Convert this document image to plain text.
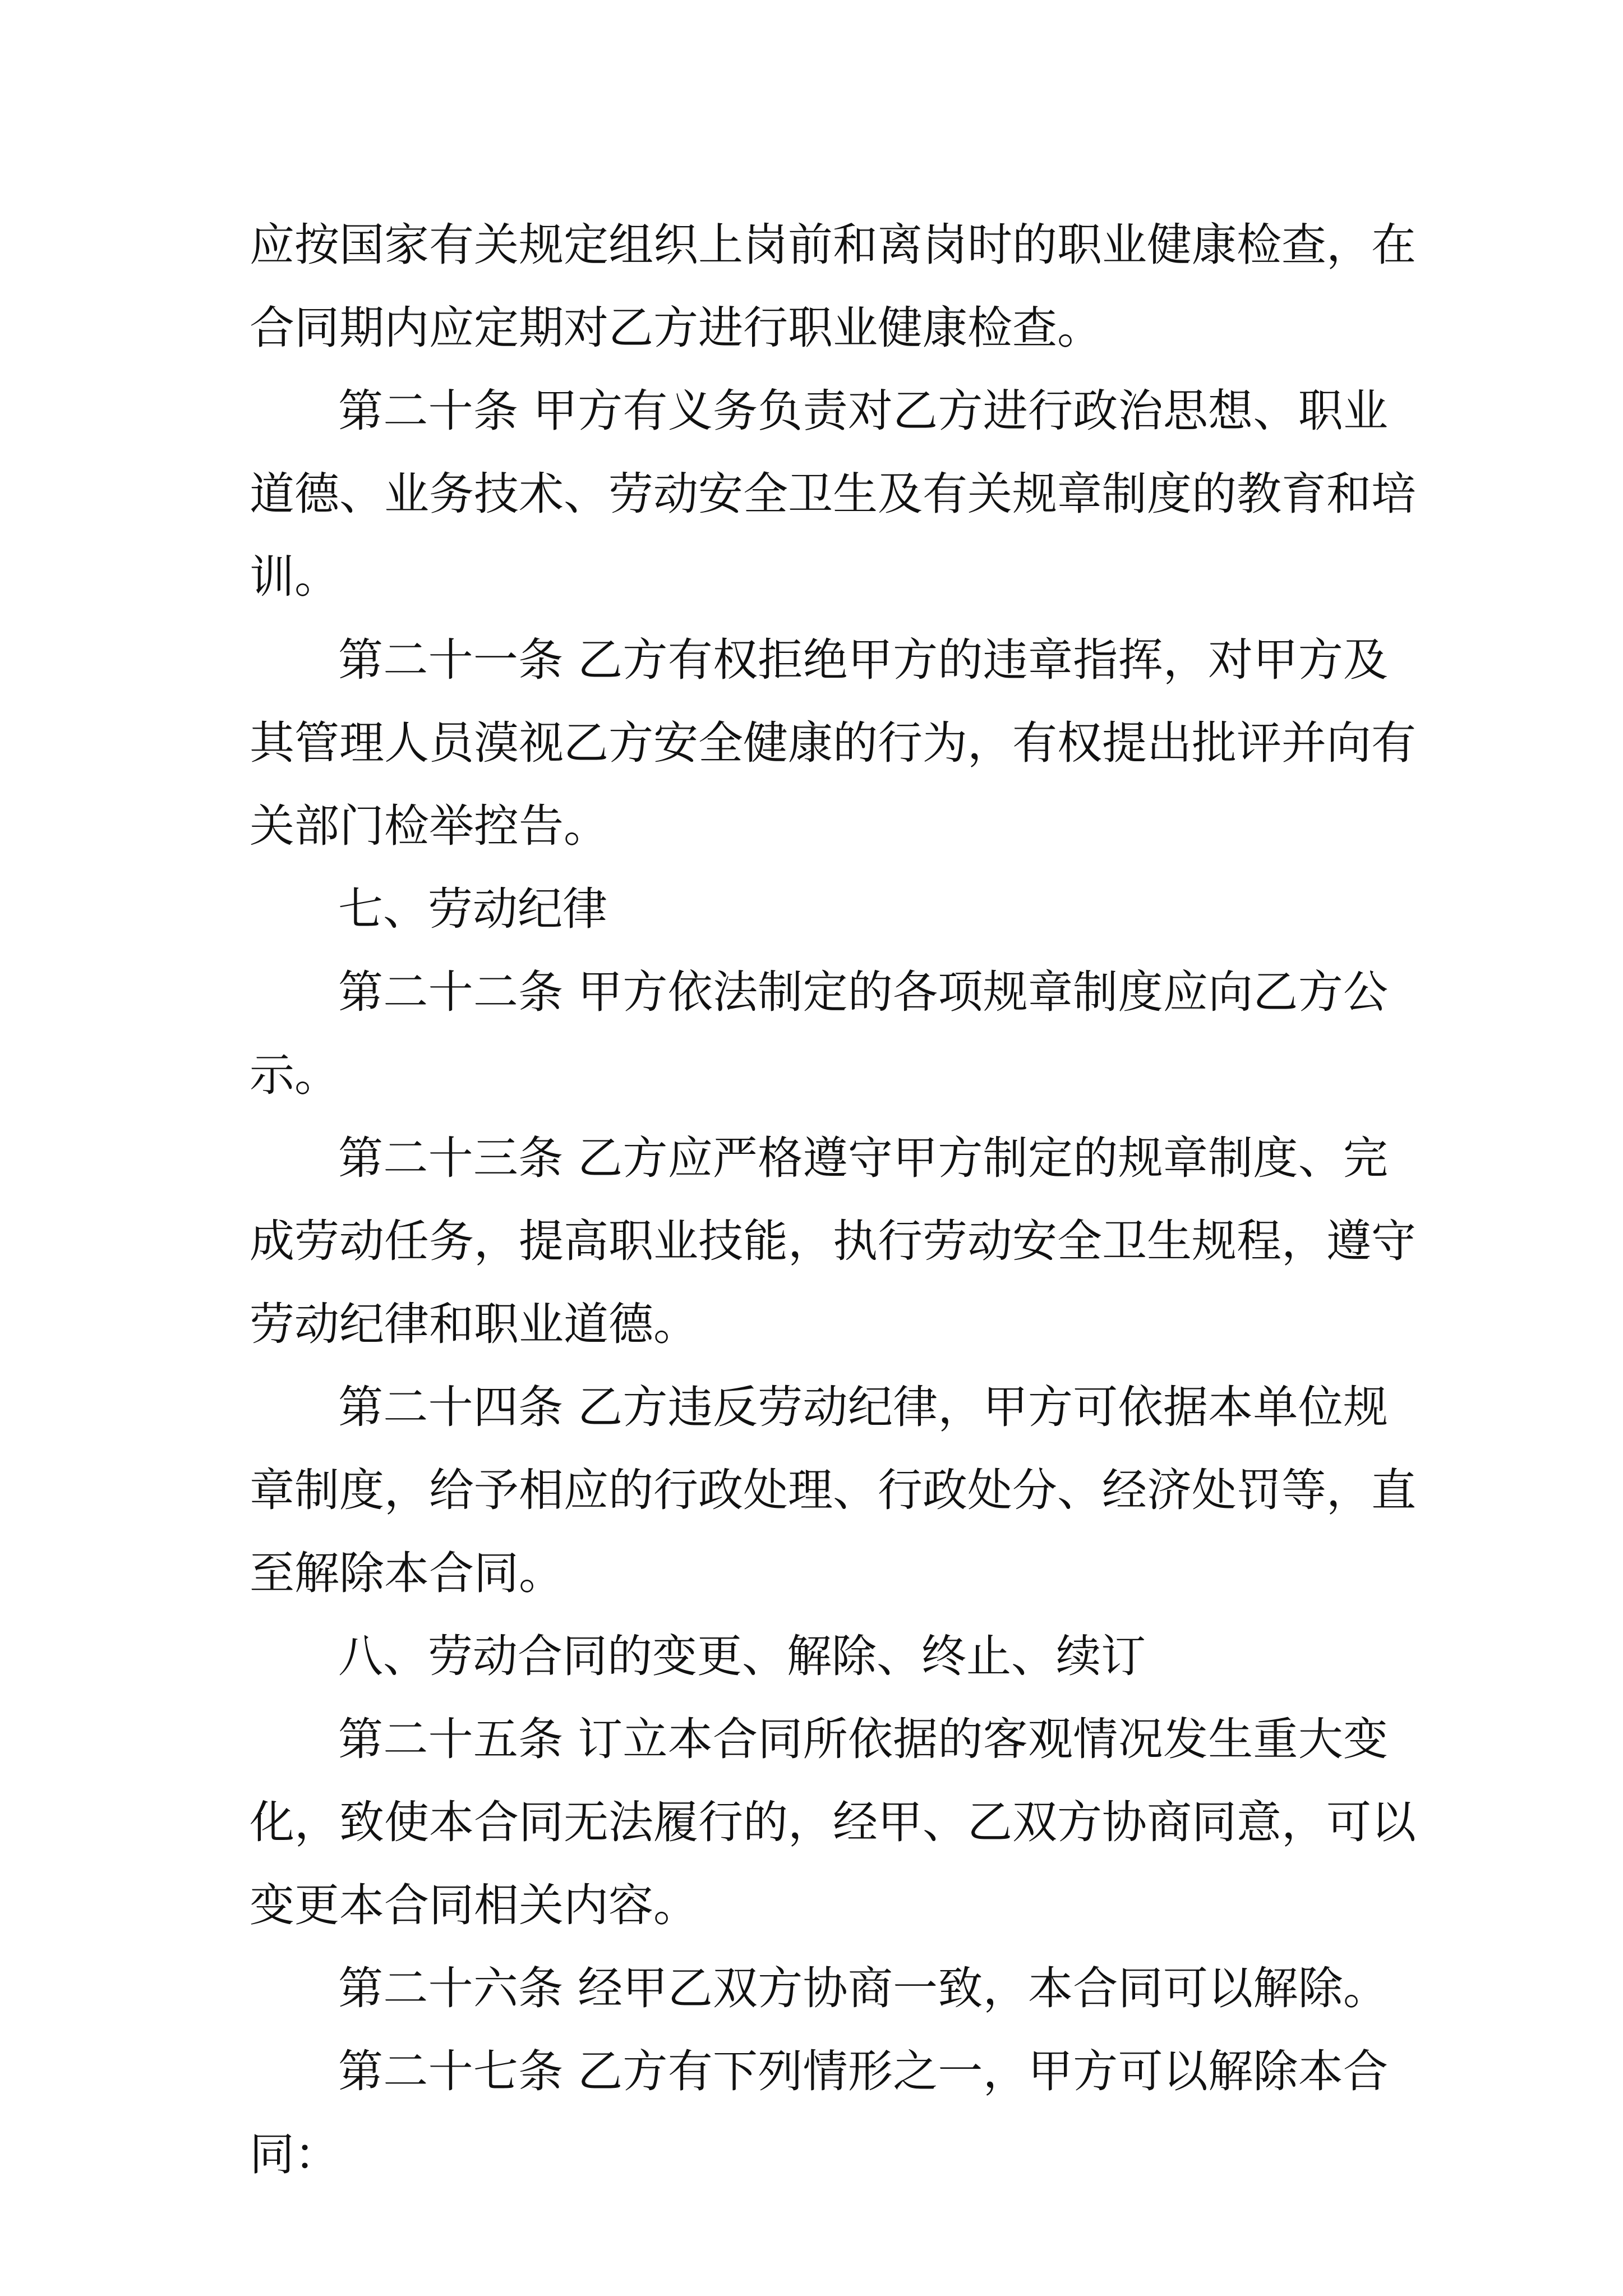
应按国家有关规定组织上岗前和离岗时的职业健康检查，在
合同期内应定期对乙方进行职业健康检查。
第二十条 甲方有义务负责对乙方进行政治思想、职业
道德、业务技术、劳动安全卫生及有关规章制度的教育和培
训。
第二十一条 乙方有权拒绝甲方的违章指挥，对甲方及
其管理人员漠视乙方安全健康的行为，有权提出批评并向有
关部门检举控告。
七、劳动纪律
第二十二条 甲方依法制定的各项规章制度应向乙方公
示。
第二十三条 乙方应严格遵守甲方制定的规章制度、完
成劳动任务，提高职业技能，执行劳动安全卫生规程，遵守
劳动纪律和职业道德。
第二十四条 乙方违反劳动纪律，甲方可依据本单位规
章制度，给予相应的行政处理、行政处分、经济处罚等，直
至解除本合同。
八、劳动合同的变更、解除、终止、续订
第二十五条 订立本合同所依据的客观情况发生重大变
化，致使本合同无法履行的，经甲、乙双方协商同意，可以
变更本合同相关内容。
第二十六条 经甲乙双方协商一致，本合同可以解除。
第二十七条 乙方有下列情形之一，甲方可以解除本合
同：
